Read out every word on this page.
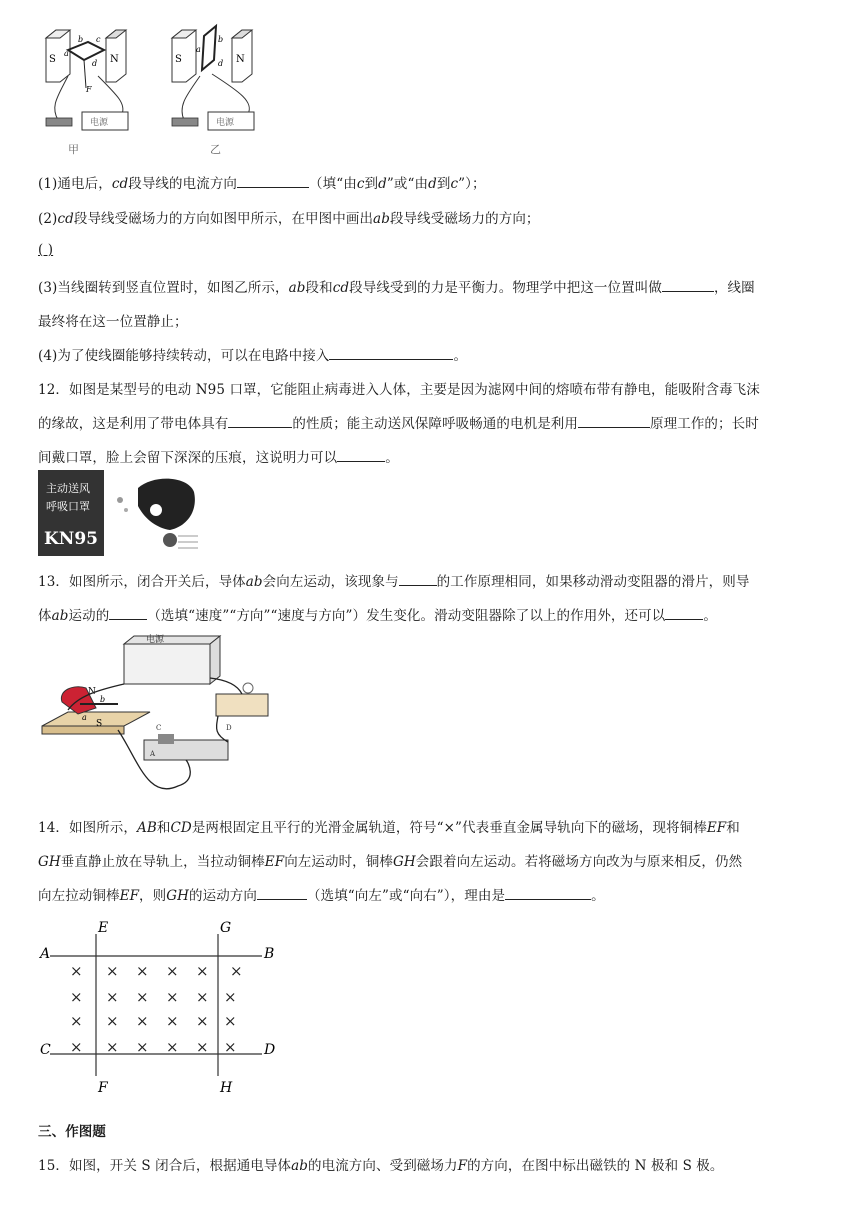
S	N
b c
a
d
F
电源
甲
S	N
a
b
d
电源
乙
(1)通电后，cd段导线的电流方向	（填“由c到d”或“由d到c”）；
(2)cd段导线受磁场力的方向如图甲所示，在甲图中画出ab段导线受磁场力的方向；
( )
(3)当线圈转到竖直位置时，如图乙所示，ab段和cd段导线受到的力是平衡力。物理学中把这一位置叫做	，线圈
最终将在这一位置静止；
(4)为了使线圈能够持续转动，可以在电路中接入	。
12．如图是某型号的电动 N95 口罩，它能阻止病毒进入人体，主要是因为滤网中间的熔喷布带有静电，能吸附含毒飞沫
的缘故，这是利用了带电体具有	的性质；能主动送风保障呼吸畅通的电机是利用	原理工作的；长时
间戴口罩，脸上会留下深深的压痕，这说明力可以	。
主动送风
呼吸口罩
KN95
13．如图所示，闭合开关后，导体ab会向左运动，该现象与	的工作原理相同，如果移动滑动变阻器的滑片，则导
体ab运动的	（选填“速度”“方向”“速度与方向”）发生变化。滑动变阻器除了以上的作用外，还可以	。
电源
N
S
a
b
C	D
A
14．如图所示，AB和CD是两根固定且平行的光滑金属轨道，符号“×”代表垂直金属导轨向下的磁场，现将铜棒EF和
GH垂直静止放在导轨上，当拉动铜棒EF向左运动时，铜棒GH会跟着向左运动。若将磁场方向改为与原来相反，仍然
向左拉动铜棒EF，则GH的运动方向	（选填“向左”或“向右”），理由是	。
A	B
C	D
E	G
F	H
× × × × × ×
× × × × × ×
× × × × × ×
× × × × × ×
三、作图题
15．如图，开关 S 闭合后，根据通电导体ab的电流方向、受到磁场力F的方向，在图中标出磁铁的 N 极和 S 极。
